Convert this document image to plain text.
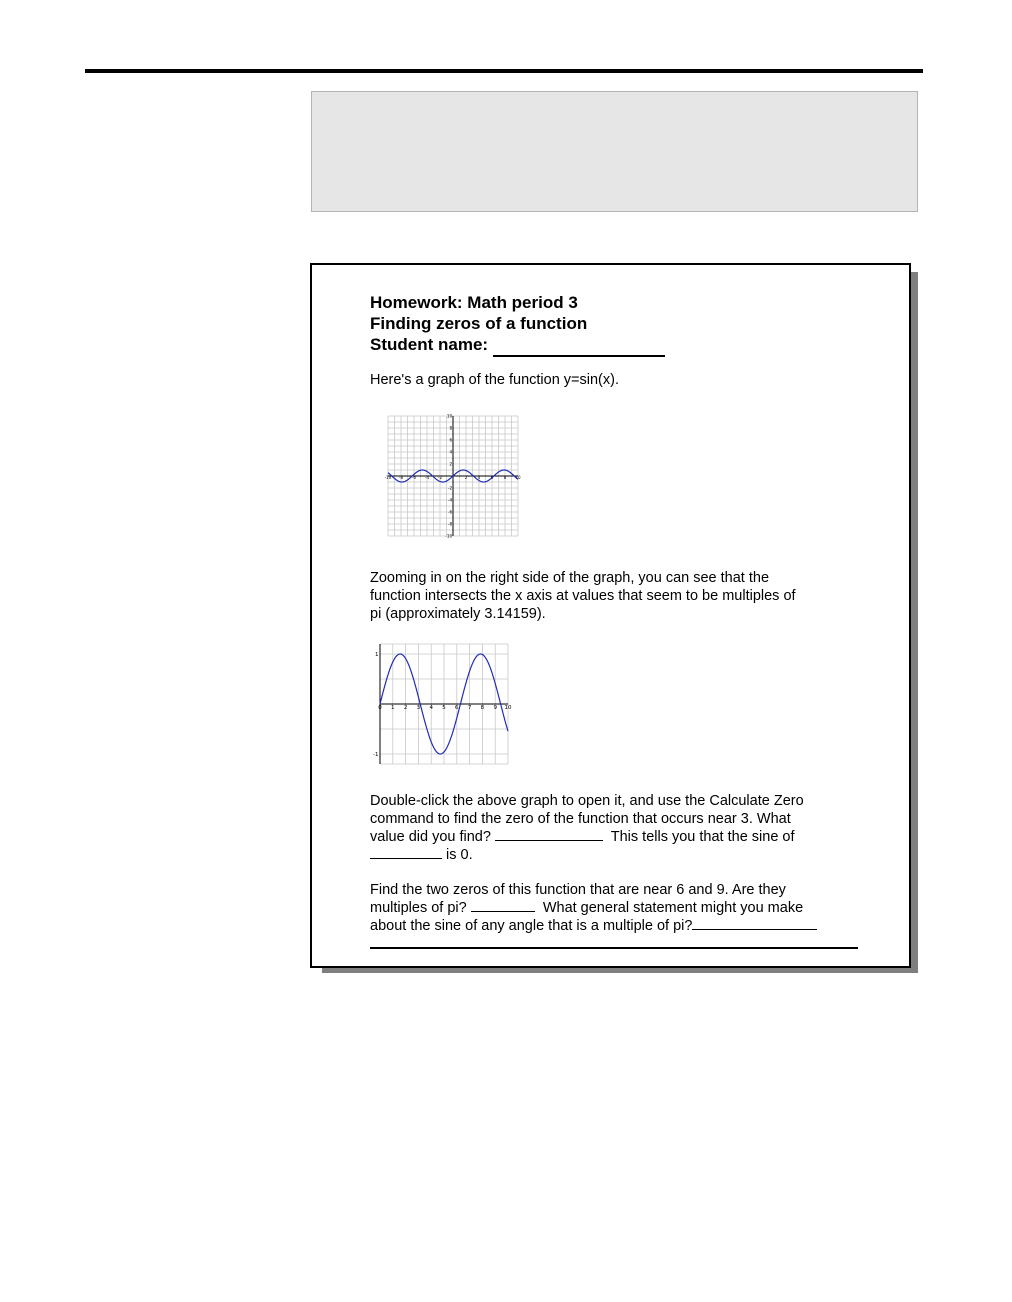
Homework: Math period 3
Finding zeros of a function
Student name:
Here's a graph of the function y=sin(x).
-10 -8 -6 -4 -2	2	4	6	8 10
10
8
6
4
2
-2
-4
-6
-8
-10
Zooming in on the right side of the graph, you can see that the
function intersects the x axis at values that seem to be multiples of
pi (approximately 3.14159).
0 1 2 3 4 5 6 7 8 9 10
1
-1
Double-click the above graph to open it, and use the Calculate Zero
command to find the zero of the function that occurs near 3. What
value did you find?	This tells you that the sine of
is 0.
Find the two zeros of this function that are near 6 and 9. Are they
multiples of pi?	What general statement might you make
about the sine of any angle that is a multiple of pi?
